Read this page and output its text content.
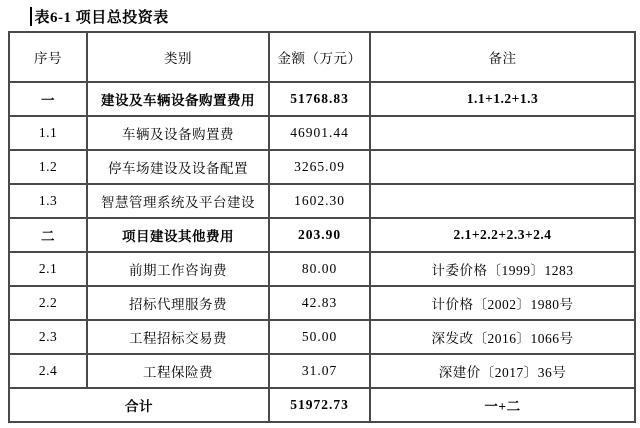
表6-1 项目总投资表
序号	类别	金额（万元）	备注
一	建设及车辆设备购置费用	51768.83	1.1+1.2+1.3
1.1	车辆及设备购置费	46901.44	
1.2	停车场建设及设备配置	3265.09	
1.3	智慧管理系统及平台建设	1602.30	
二	项目建设其他费用	203.90	2.1+2.2+2.3+2.4
2.1	前期工作咨询费	80.00	计委价格〔1999〕1283
2.2	招标代理服务费	42.83	计价格〔2002〕1980号
2.3	工程招标交易费	50.00	深发改〔2016〕1066号
2.4	工程保险费	31.07	深建价〔2017〕36号
合计		51972.73	一+二
